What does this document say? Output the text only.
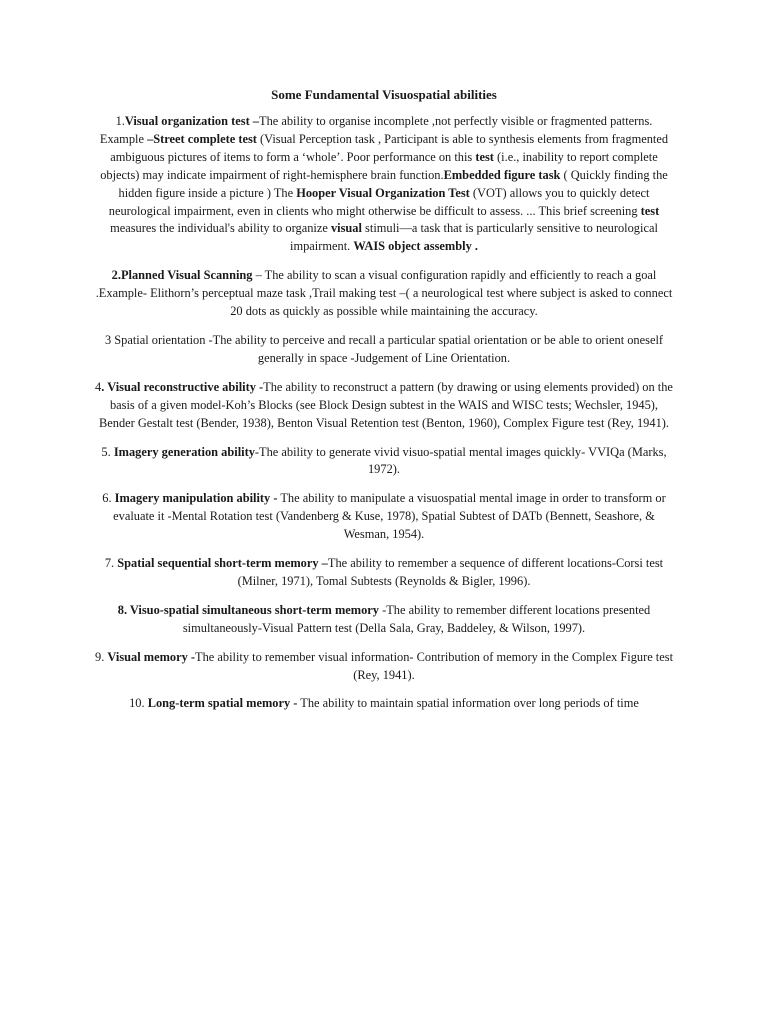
Some Fundamental Visuospatial abilities

1.Visual organization test –The ability to organise incomplete ,not perfectly visible or fragmented patterns. Example –Street complete test (Visual Perception task , Participant is able to synthesis elements from fragmented ambiguous pictures of items to form a ‘whole’. Poor performance on this test (i.e., inability to report complete objects) may indicate impairment of right-hemisphere brain function.Embedded figure task ( Quickly finding the hidden figure inside a picture ) The Hooper Visual Organization Test (VOT) allows you to quickly detect neurological impairment, even in clients who might otherwise be difficult to assess. ... This brief screening test measures the individual's ability to organize visual stimuli—a task that is particularly sensitive to neurological impairment. WAIS object assembly .

2.Planned Visual Scanning – The ability to scan a visual configuration rapidly and efficiently to reach a goal .Example- Elithorn’s perceptual maze task ,Trail making test –( a neurological test where subject is asked to connect 20 dots as quickly as possible while maintaining the accuracy.

3 Spatial orientation -The ability to perceive and recall a particular spatial orientation or be able to orient oneself generally in space -Judgement of Line Orientation.

4. Visual reconstructive ability -The ability to reconstruct a pattern (by drawing or using elements provided) on the basis of a given model-Koh’s Blocks (see Block Design subtest in the WAIS and WISC tests; Wechsler, 1945), Bender Gestalt test (Bender, 1938), Benton Visual Retention test (Benton, 1960), Complex Figure test (Rey, 1941).

5. Imagery generation ability-The ability to generate vivid visuo-spatial mental images quickly- VVIQa (Marks, 1972).

6. Imagery manipulation ability - The ability to manipulate a visuospatial mental image in order to transform or evaluate it -Mental Rotation test (Vandenberg & Kuse, 1978), Spatial Subtest of DATb (Bennett, Seashore, & Wesman, 1954).

7. Spatial sequential short-term memory –The ability to remember a sequence of different locations-Corsi test (Milner, 1971), Tomal Subtests (Reynolds & Bigler, 1996).

8. Visuo-spatial simultaneous short-term memory -The ability to remember different locations presented simultaneously-Visual Pattern test (Della Sala, Gray, Baddeley, & Wilson, 1997).

9. Visual memory -The ability to remember visual information- Contribution of memory in the Complex Figure test (Rey, 1941).

10. Long-term spatial memory - The ability to maintain spatial information over long periods of time
